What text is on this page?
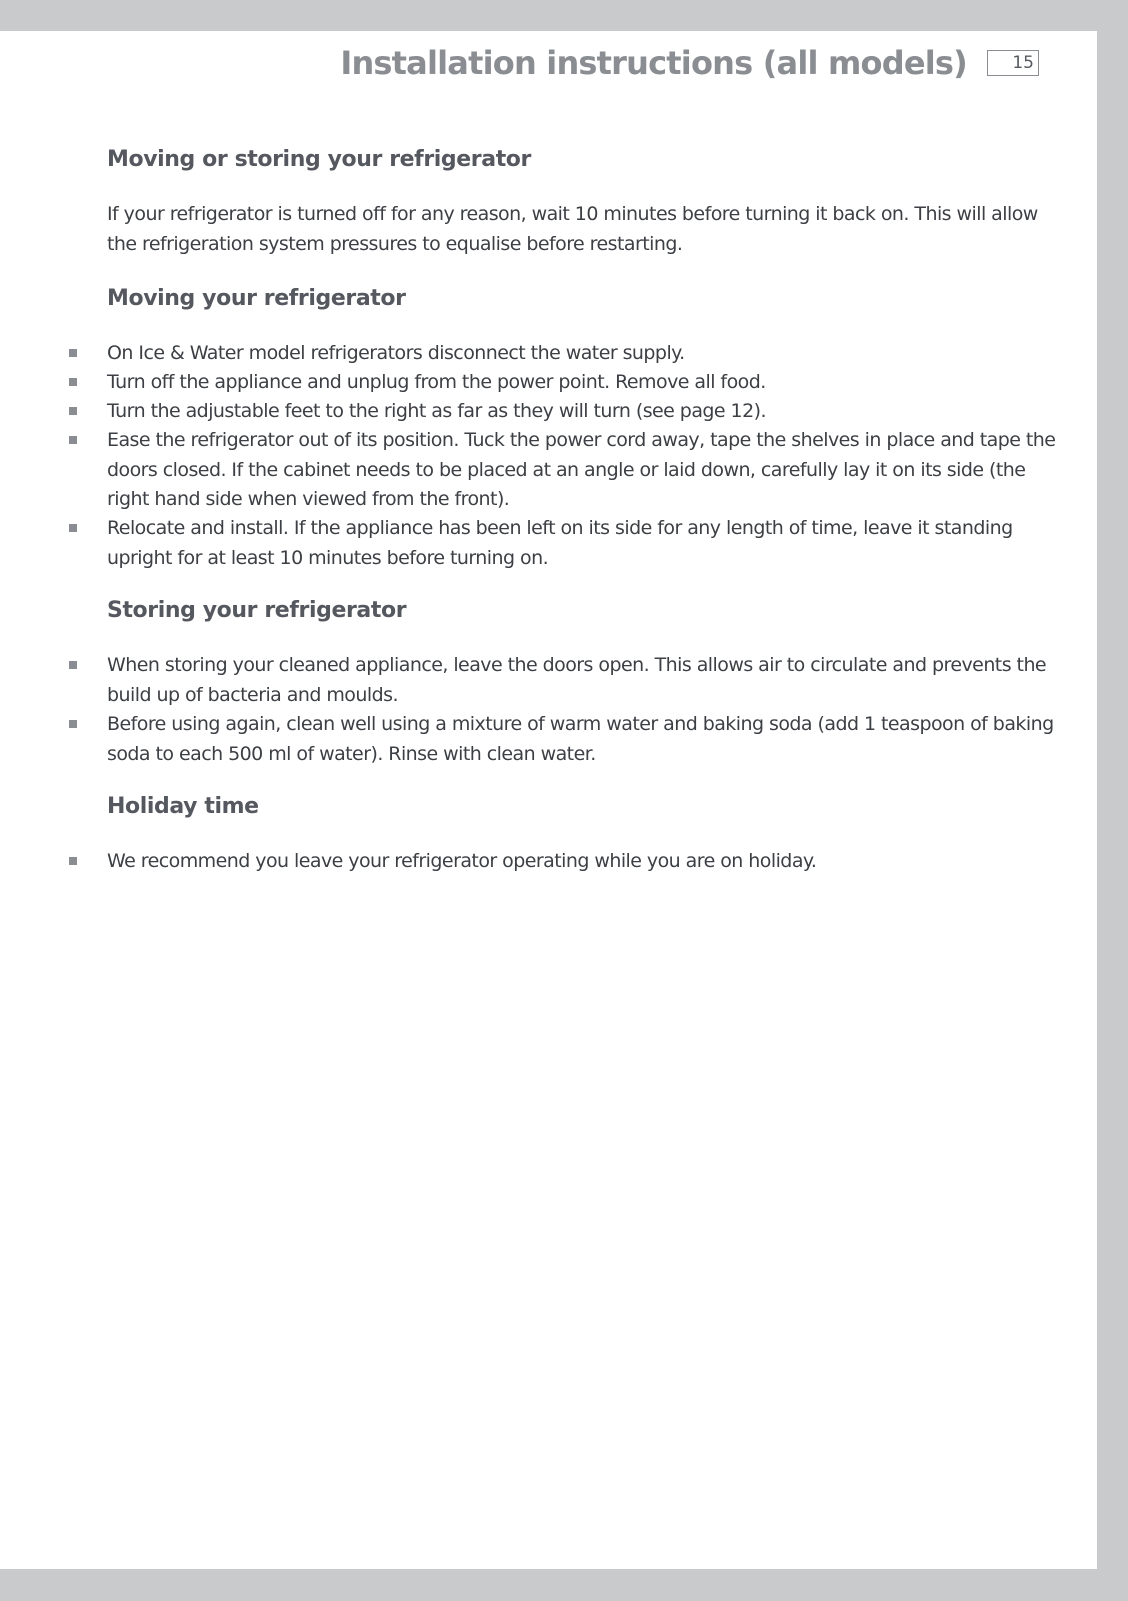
Installation instructions (all models)	15
Moving or storing your refrigerator
If your refrigerator is turned off for any reason, wait 10 minutes before turning it back on. This will allow the refrigeration system pressures to equalise before restarting.
Moving your refrigerator
On Ice & Water model refrigerators disconnect the water supply.
Turn off the appliance and unplug from the power point. Remove all food.
Turn the adjustable feet to the right as far as they will turn (see page 12).
Ease the refrigerator out of its position. Tuck the power cord away, tape the shelves in place and tape the doors closed. If the cabinet needs to be placed at an angle or laid down, carefully lay it on its side (the right hand side when viewed from the front).
Relocate and install. If the appliance has been left on its side for any length of time, leave it standing upright for at least 10 minutes before turning on.
Storing your refrigerator
When storing your cleaned appliance, leave the doors open. This allows air to circulate and prevents the build up of bacteria and moulds.
Before using again, clean well using a mixture of warm water and baking soda (add 1 teaspoon of baking soda to each 500 ml of water). Rinse with clean water.
Holiday time
We recommend you leave your refrigerator operating while you are on holiday.
